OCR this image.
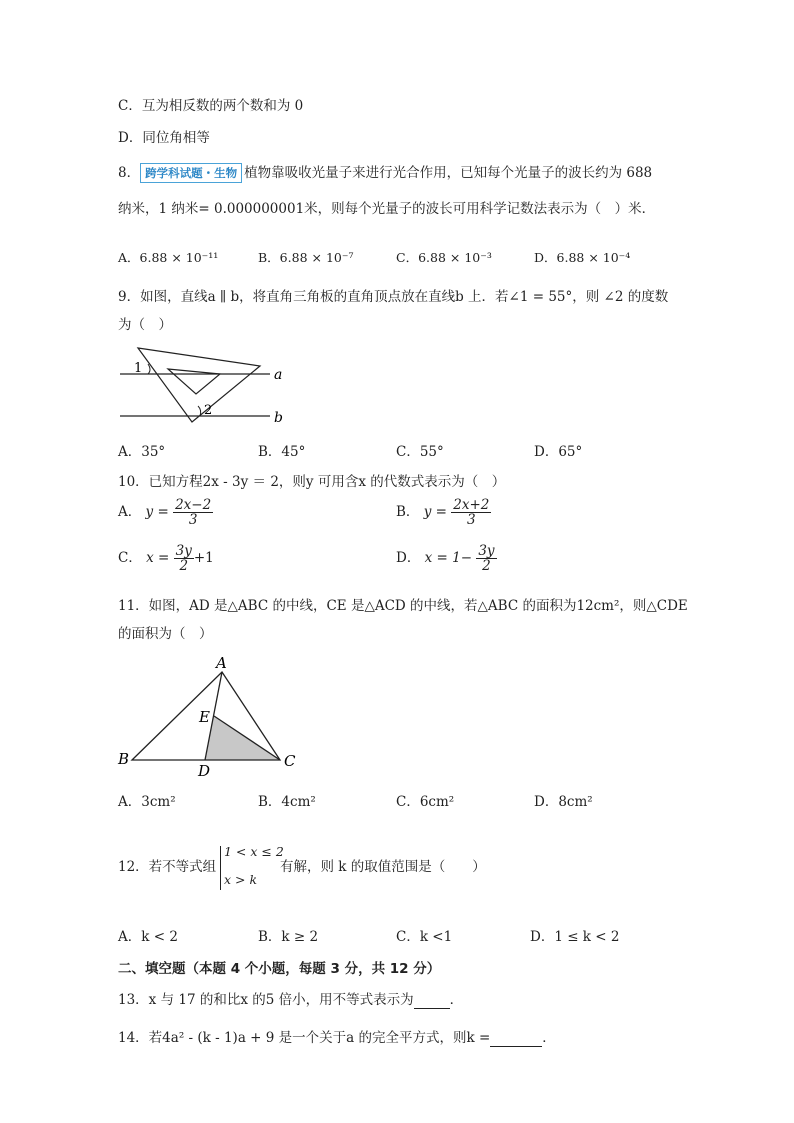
C．互为相反数的两个数和为 0
D．同位角相等
8． 跨学科试题・生物 植物靠吸收光量子来进行光合作用，已知每个光量子的波长约为 688
纳米，1 纳米= 0.000000001米，则每个光量子的波长可用科学记数法表示为（　）米．
A．6.88 × 10⁻¹¹	B．6.88 × 10⁻⁷	C．6.88 × 10⁻³	D．6.88 × 10⁻⁴
9．如图，直线a ∥ b，将直角三角板的直角顶点放在直线b 上．若∠1 = 55°，则 ∠2 的度数
为（　）
1
2
a
b
A．35°	B．45°	C．55°	D．65°
10．已知方程2x - 3y ＝ 2，则y 可用含x 的代数式表示为（　）
A． $y = \frac{2x-2}{3}$	B． $y = \frac{2x+2}{3}$
C． $x = \frac{3y}{2} +1$	D． $x = 1- \frac{3y}{2}$
11．如图，AD 是△ABC 的中线，CE 是△ACD 的中线，若△ABC 的面积为12cm²，则△CDE
的面积为（　）
A
B	C
D
E
A．3cm²	B．4cm²	C．6cm²	D．8cm²
12．若不等式组
1 < x ≤ 2
x > k
有解，则 k 的取值范围是（　　）
A．k < 2	B．k ≥ 2	C．k <1	D．1 ≤ k < 2
二、填空题（本题 4 个小题，每题 3 分，共 12 分）
13．x 与 17 的和比x 的5 倍小，用不等式表示为	．
14．若4a² - (k - 1)a + 9 是一个关于a 的完全平方式，则k =	．
